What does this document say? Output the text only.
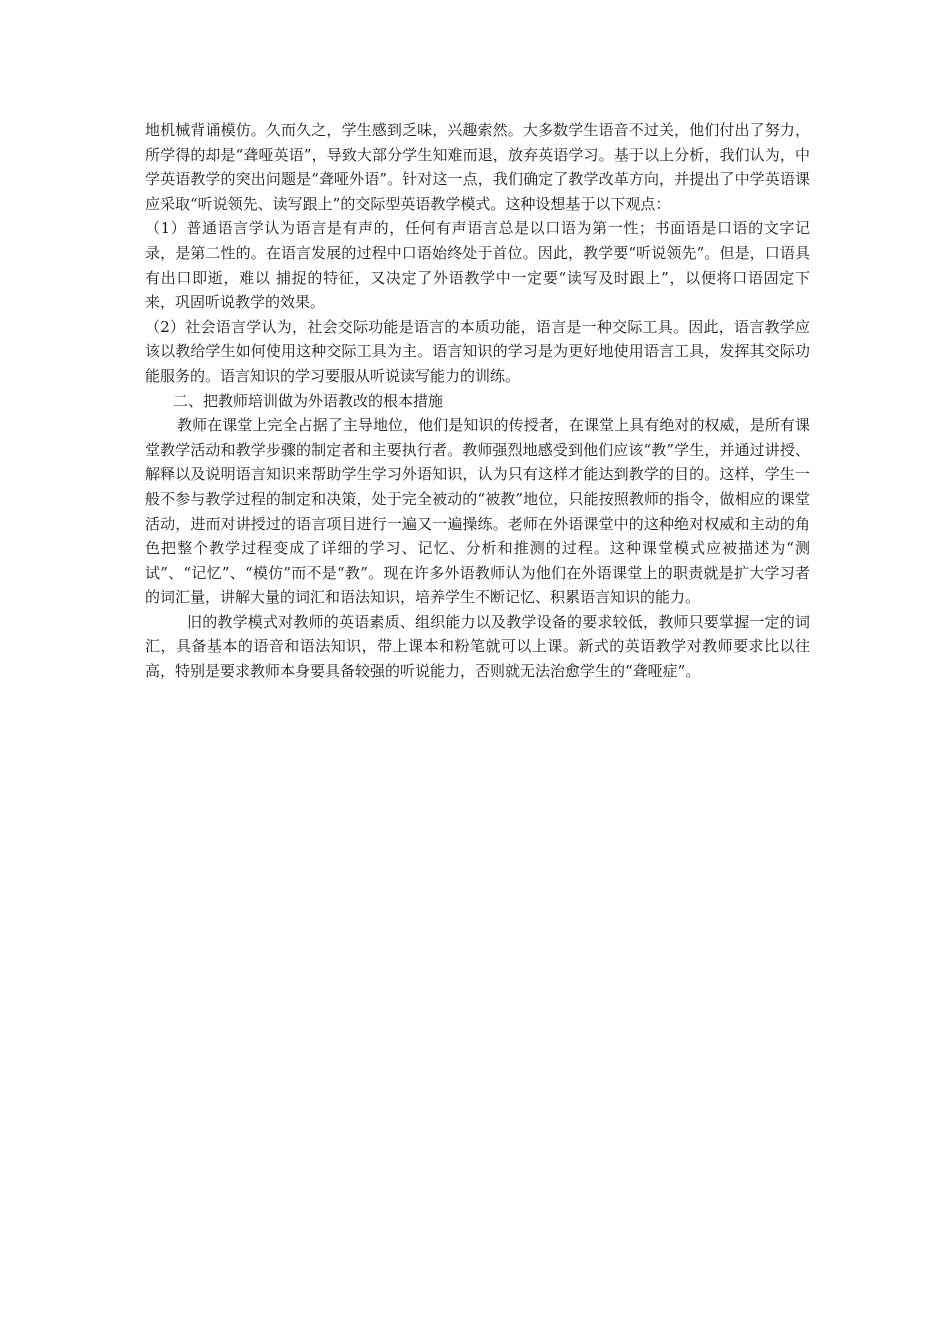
地机械背诵模仿。久而久之，学生感到乏味，兴趣索然。大多数学生语音不过关，他们付出了努力，所学得的却是“聋哑英语”，导致大部分学生知难而退，放弃英语学习。基于以上分析，我们认为，中学英语教学的突出问题是“聋哑外语”。针对这一点，我们确定了教学改革方向，并提出了中学英语课应采取“听说领先、读写跟上”的交际型英语教学模式。这种设想基于以下观点：

（1）普通语言学认为语言是有声的，任何有声语言总是以口语为第一性；书面语是口语的文字记录，是第二性的。在语言发展的过程中口语始终处于首位。因此，教学要“听说领先”。但是，口语具有出口即逝，难以 捕捉的特征，又决定了外语教学中一定要“读写及时跟上”，以便将口语固定下来，巩固听说教学的效果。

（2）社会语言学认为，社会交际功能是语言的本质功能，语言是一种交际工具。因此，语言教学应该以教给学生如何使用这种交际工具为主。语言知识的学习是为更好地使用语言工具，发挥其交际功能服务的。语言知识的学习要服从听说读写能力的训练。

二、把教师培训做为外语教改的根本措施

教师在课堂上完全占据了主导地位，他们是知识的传授者，在课堂上具有绝对的权威，是所有课堂教学活动和教学步骤的制定者和主要执行者。教师强烈地感受到他们应该“教”学生，并通过讲授、解释以及说明语言知识来帮助学生学习外语知识，认为只有这样才能达到教学的目的。这样，学生一般不参与教学过程的制定和决策，处于完全被动的“被教”地位，只能按照教师的指令，做相应的课堂活动，进而对讲授过的语言项目进行一遍又一遍操练。老师在外语课堂中的这种绝对权威和主动的角色把整个教学过程变成了详细的学习、记忆、分析和推测的过程。这种课堂模式应被描述为“测试”、“记忆”、“模仿”而不是“教”。现在许多外语教师认为他们在外语课堂上的职责就是扩大学习者的词汇量，讲解大量的词汇和语法知识，培养学生不断记忆、积累语言知识的能力。

旧的教学模式对教师的英语素质、组织能力以及教学设备的要求较低，教师只要掌握一定的词汇，具备基本的语音和语法知识，带上课本和粉笔就可以上课。新式的英语教学对教师要求比以往高，特别是要求教师本身要具备较强的听说能力，否则就无法治愈学生的“聋哑症”。
